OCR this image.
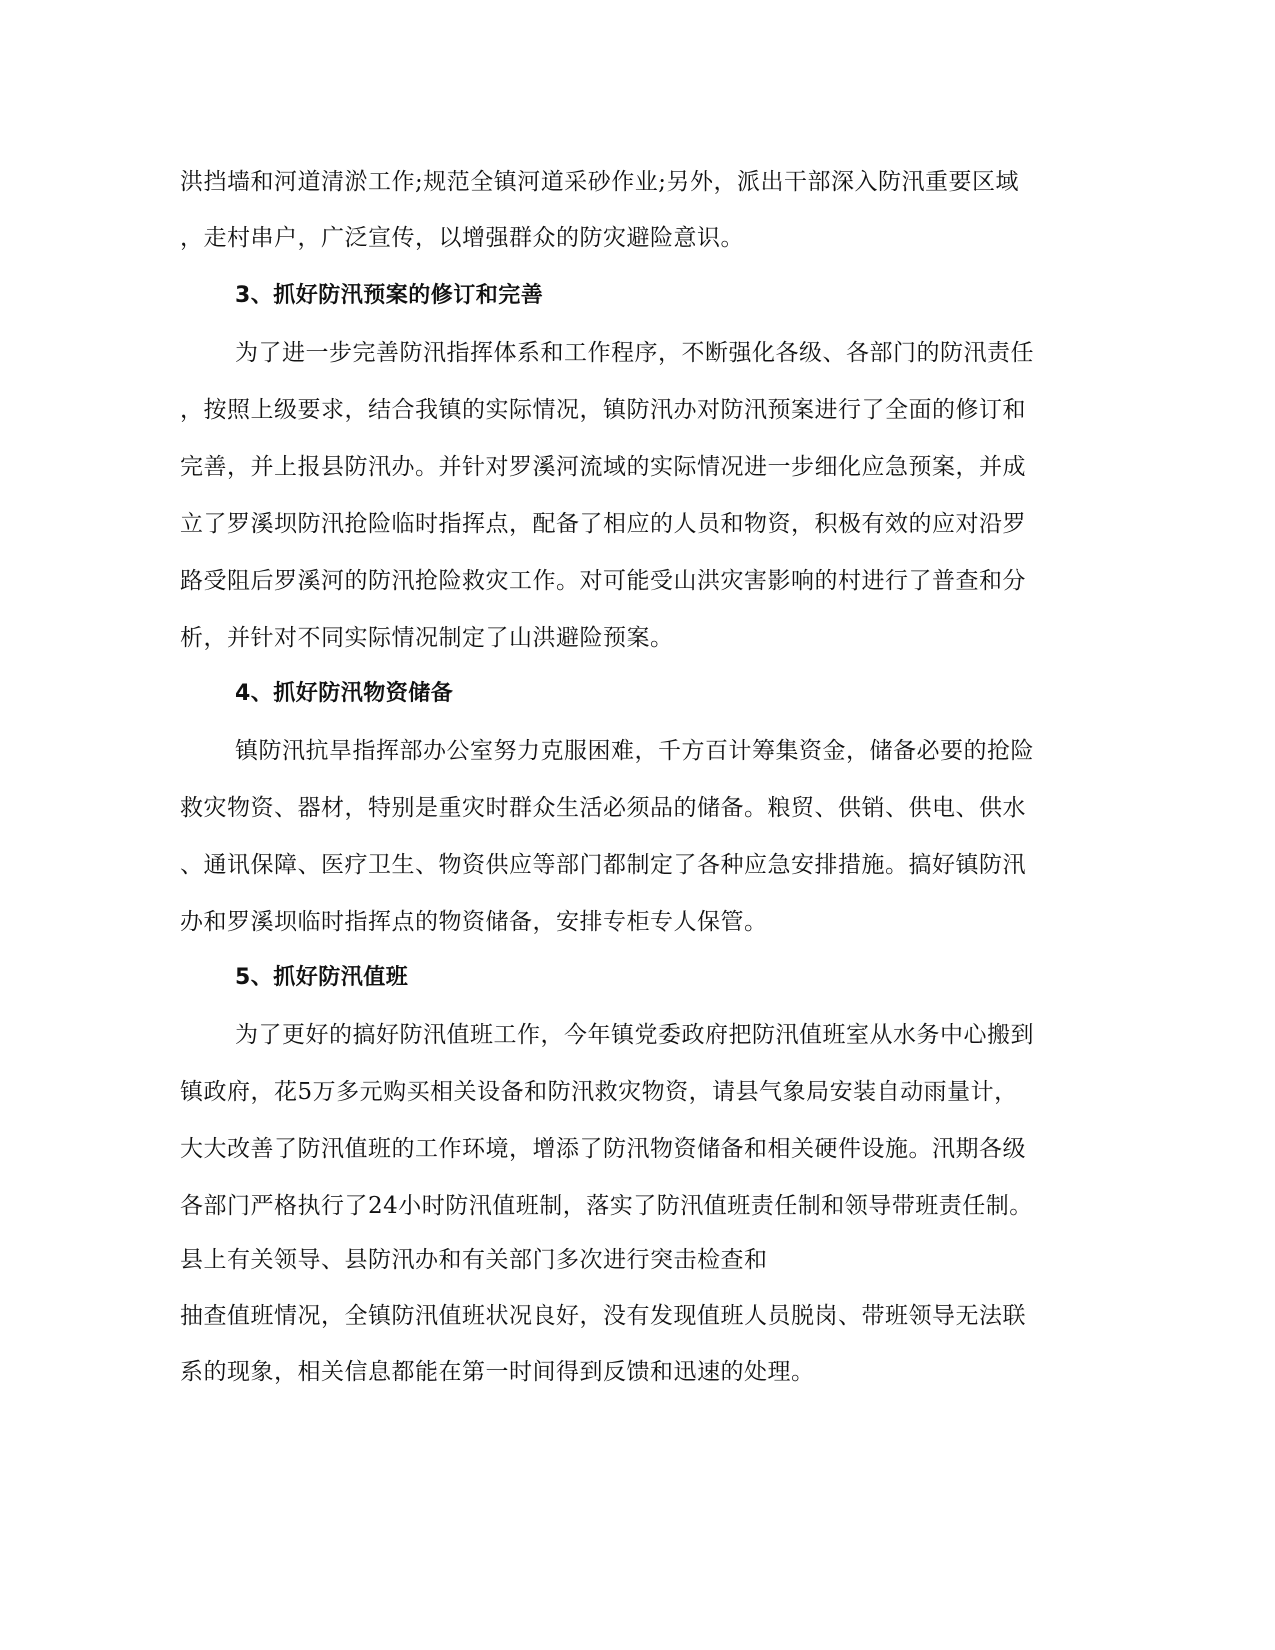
洪挡墙和河道清淤工作;规范全镇河道采砂作业;另外，派出干部深入防汛重要区域
，走村串户，广泛宣传，以增强群众的防灾避险意识。
3、抓好防汛预案的修订和完善
为了进一步完善防汛指挥体系和工作程序，不断强化各级、各部门的防汛责任
，按照上级要求，结合我镇的实际情况，镇防汛办对防汛预案进行了全面的修订和
完善，并上报县防汛办。并针对罗溪河流域的实际情况进一步细化应急预案，并成
立了罗溪坝防汛抢险临时指挥点，配备了相应的人员和物资，积极有效的应对沿罗
路受阻后罗溪河的防汛抢险救灾工作。对可能受山洪灾害影响的村进行了普查和分
析，并针对不同实际情况制定了山洪避险预案。
4、抓好防汛物资储备
镇防汛抗旱指挥部办公室努力克服困难，千方百计筹集资金，储备必要的抢险
救灾物资、器材，特别是重灾时群众生活必须品的储备。粮贸、供销、供电、供水
、通讯保障、医疗卫生、物资供应等部门都制定了各种应急安排措施。搞好镇防汛
办和罗溪坝临时指挥点的物资储备，安排专柜专人保管。
5、抓好防汛值班
为了更好的搞好防汛值班工作，今年镇党委政府把防汛值班室从水务中心搬到
镇政府，花5万多元购买相关设备和防汛救灾物资，请县气象局安装自动雨量计，
大大改善了防汛值班的工作环境，增添了防汛物资储备和相关硬件设施。汛期各级
各部门严格执行了24小时防汛值班制，落实了防汛值班责任制和领导带班责任制。
县上有关领导、县防汛办和有关部门多次进行突击检查和
抽查值班情况，全镇防汛值班状况良好，没有发现值班人员脱岗、带班领导无法联
系的现象，相关信息都能在第一时间得到反馈和迅速的处理。
